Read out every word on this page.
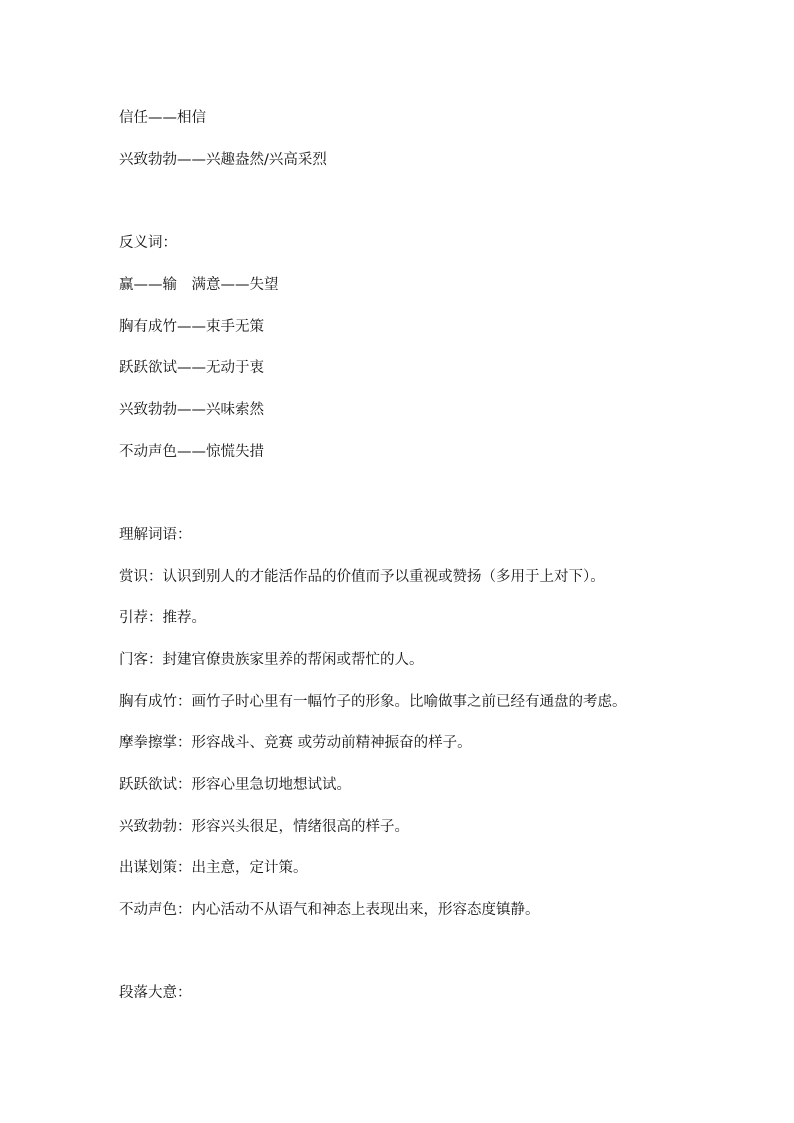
信任——相信
兴致勃勃——兴趣盎然/兴高采烈
反义词：
赢——输　满意——失望
胸有成竹——束手无策
跃跃欲试——无动于衷
兴致勃勃——兴味索然
不动声色——惊慌失措
理解词语：
赏识：认识到别人的才能活作品的价值而予以重视或赞扬（多用于上对下）。
引荐：推荐。
门客：封建官僚贵族家里养的帮闲或帮忙的人。
胸有成竹：画竹子时心里有一幅竹子的形象。比喻做事之前已经有通盘的考虑。
摩拳擦掌：形容战斗、竞赛 或劳动前精神振奋的样子。
跃跃欲试：形容心里急切地想试试。
兴致勃勃：形容兴头很足，情绪很高的样子。
出谋划策：出主意，定计策。
不动声色：内心活动不从语气和神态上表现出来，形容态度镇静。
段落大意：
